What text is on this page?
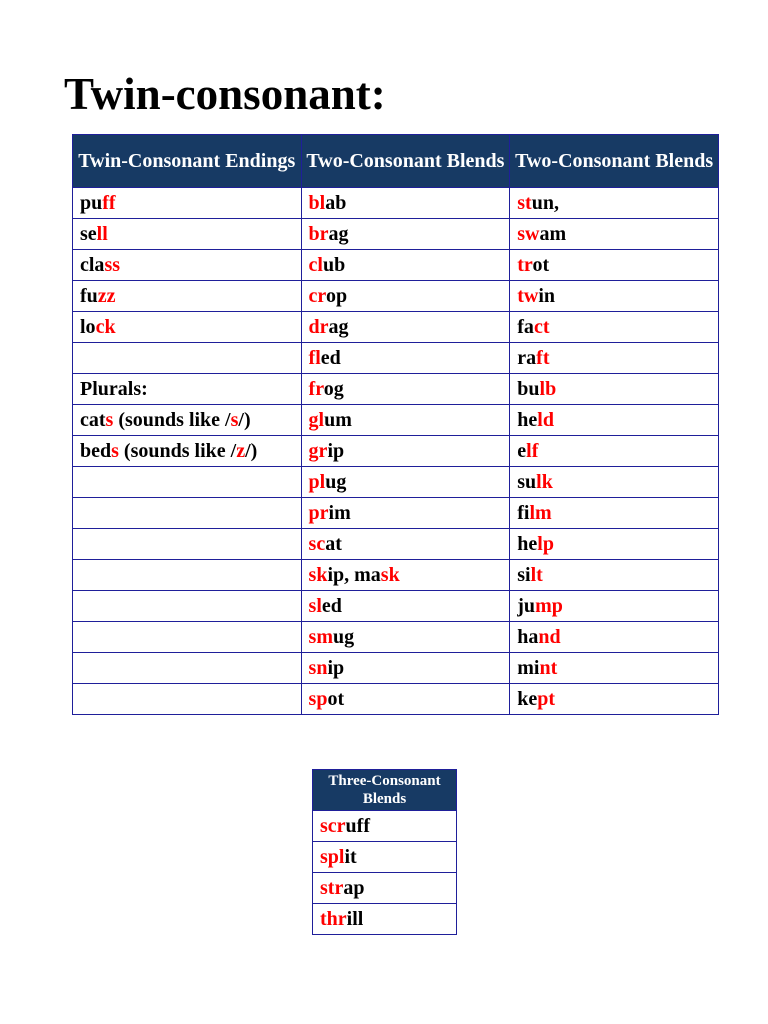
Twin-consonant:
Twin-Consonant Endings	Two-Consonant Blends	Two-Consonant Blends
puff	blab	stun,
sell	brag	swam
class	club	trot
fuzz	crop	twin
lock	drag	fact
	fled	raft
Plurals:	frog	bulb
cats (sounds like /s/)	glum	held
beds (sounds like /z/)	grip	elf
	plug	sulk
	prim	film
	scat	help
	skip, mask	silt
	sled	jump
	smug	hand
	snip	mint
	spot	kept
Three-Consonant Blends
scruff
split
strap
thrill
